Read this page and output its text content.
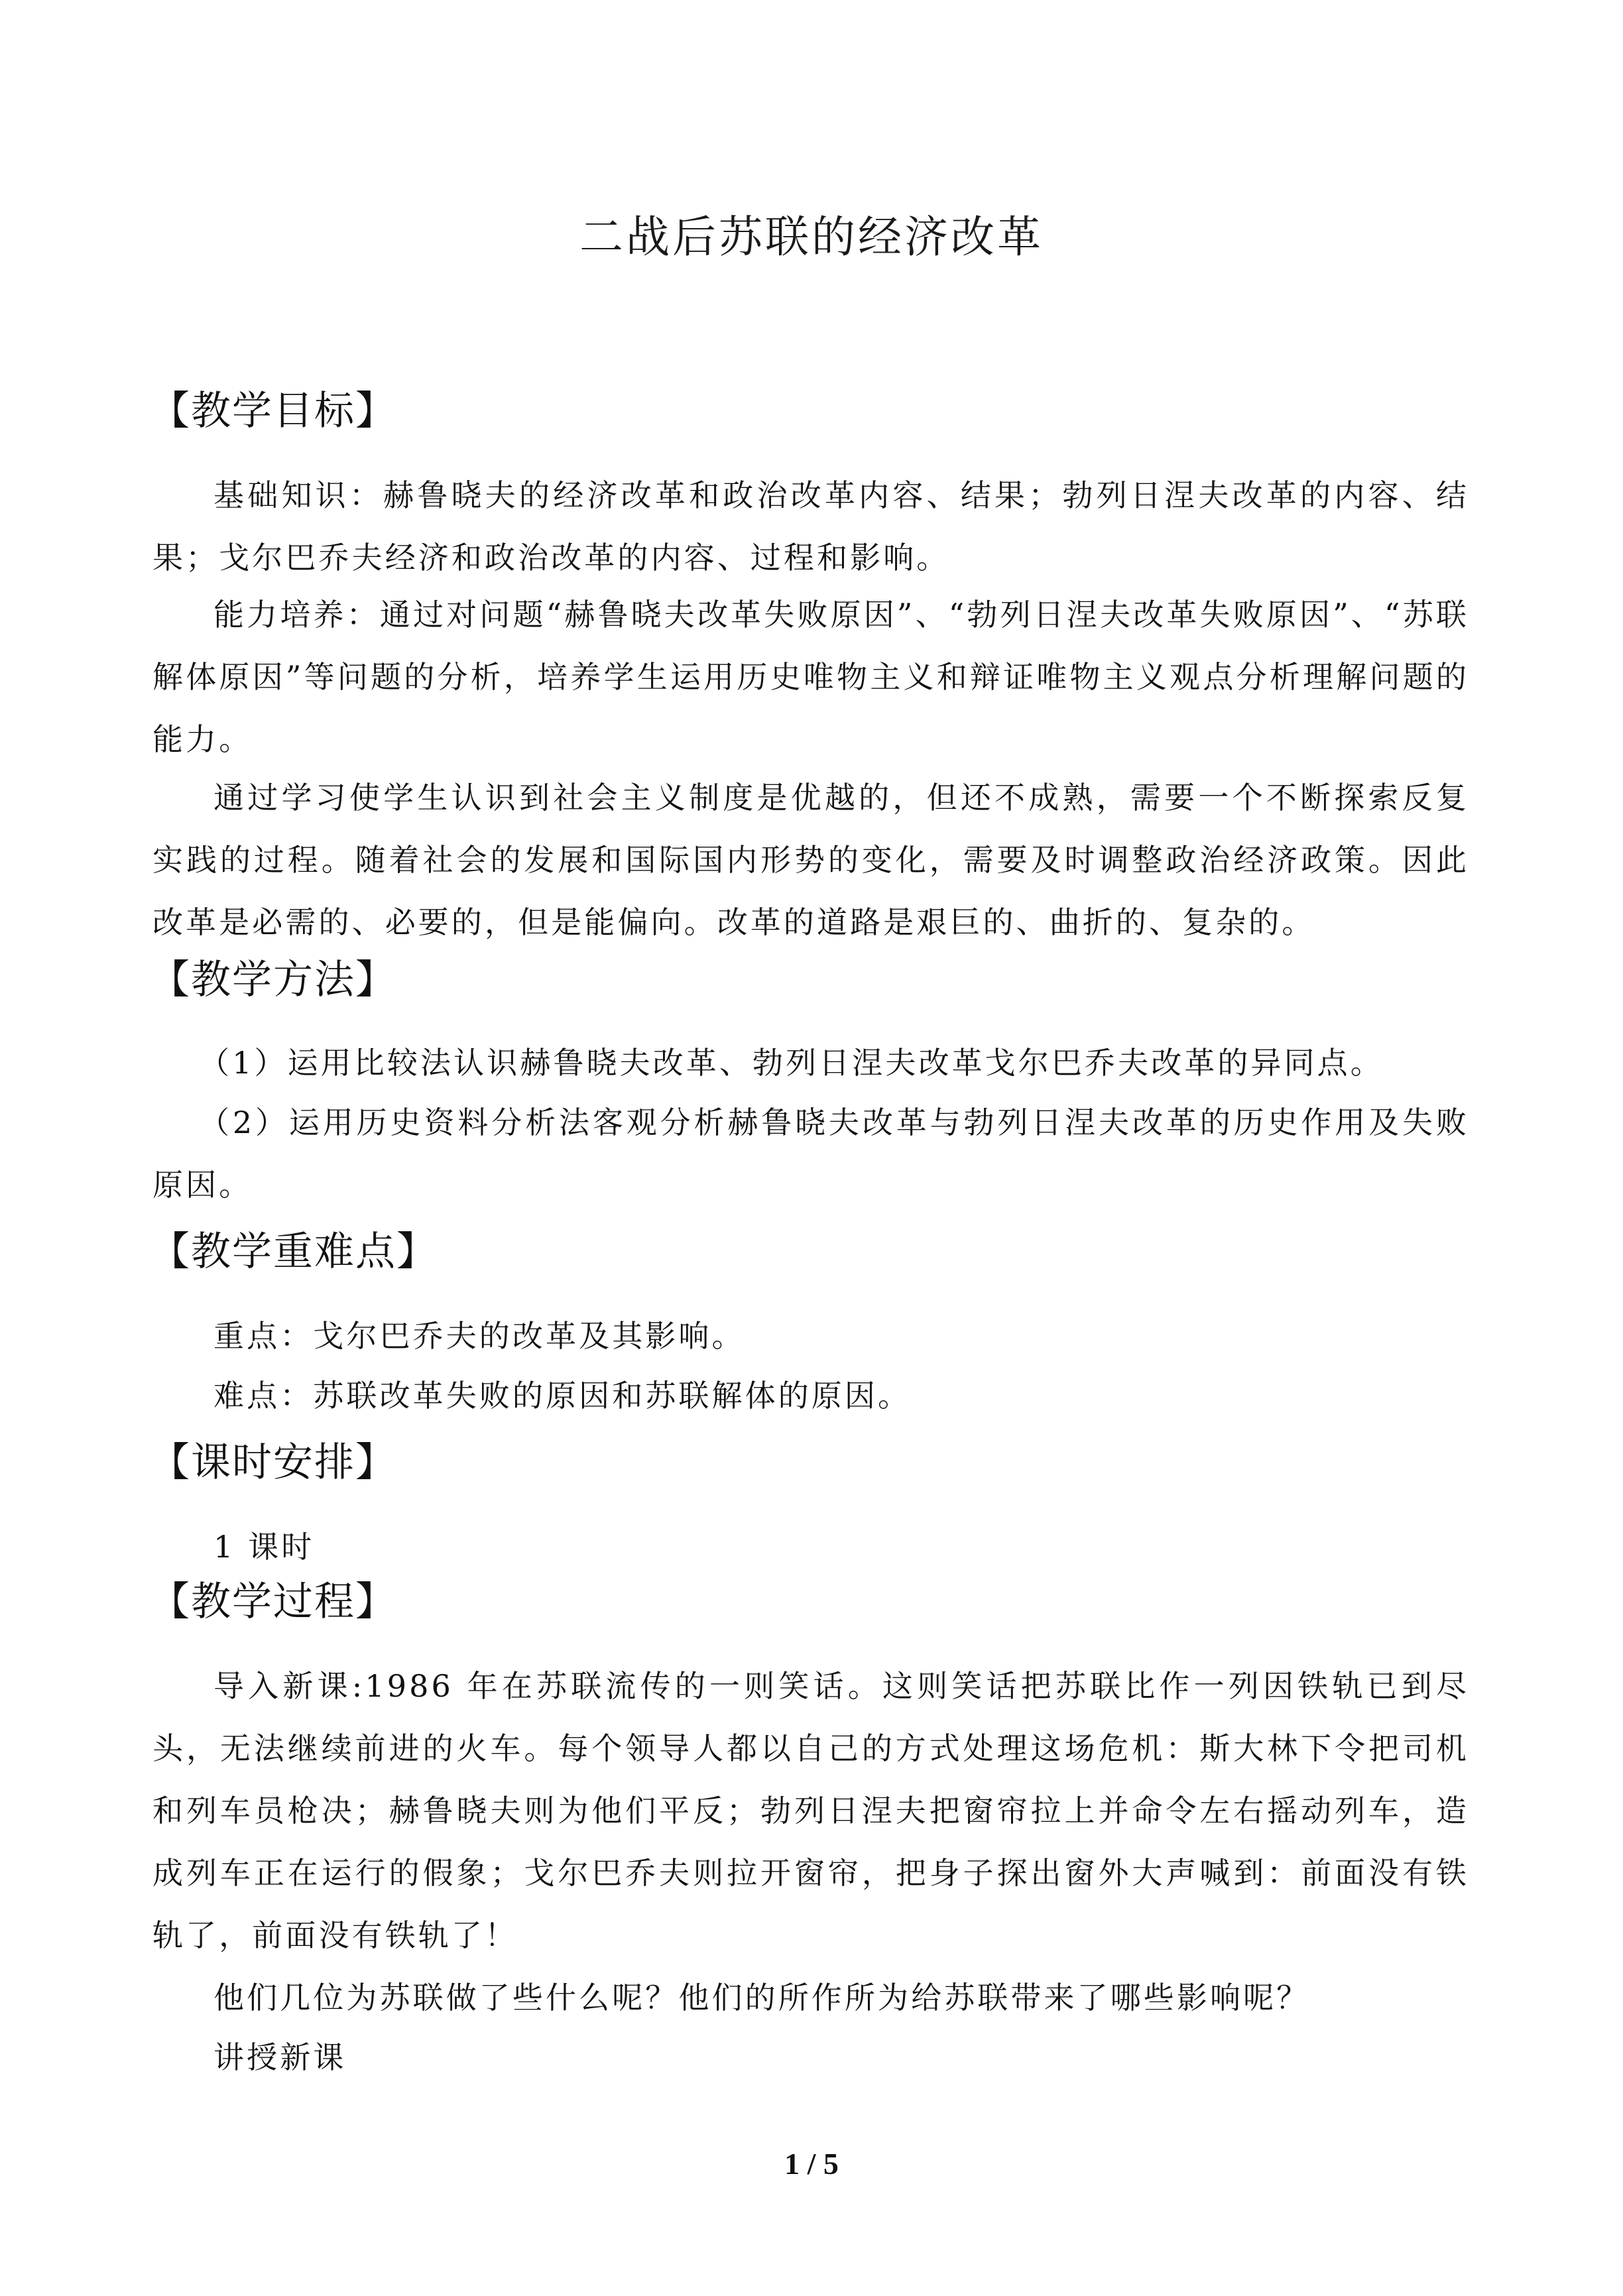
二战后苏联的经济改革
【教学目标】
基础知识：赫鲁晓夫的经济改革和政治改革内容、结果；勃列日涅夫改革的内容、结果；戈尔巴乔夫经济和政治改革的内容、过程和影响。
能力培养：通过对问题“赫鲁晓夫改革失败原因”、“勃列日涅夫改革失败原因”、“苏联解体原因”等问题的分析，培养学生运用历史唯物主义和辩证唯物主义观点分析理解问题的能力。
通过学习使学生认识到社会主义制度是优越的，但还不成熟，需要一个不断探索反复实践的过程。随着社会的发展和国际国内形势的变化，需要及时调整政治经济政策。因此改革是必需的、必要的，但是能偏向。改革的道路是艰巨的、曲折的、复杂的。
【教学方法】
（1）运用比较法认识赫鲁晓夫改革、勃列日涅夫改革戈尔巴乔夫改革的异同点。
（2）运用历史资料分析法客观分析赫鲁晓夫改革与勃列日涅夫改革的历史作用及失败原因。
【教学重难点】
重点：戈尔巴乔夫的改革及其影响。
难点：苏联改革失败的原因和苏联解体的原因。
【课时安排】
1 课时
【教学过程】
导入新课:1986 年在苏联流传的一则笑话。这则笑话把苏联比作一列因铁轨已到尽头，无法继续前进的火车。每个领导人都以自己的方式处理这场危机：斯大林下令把司机和列车员枪决；赫鲁晓夫则为他们平反；勃列日涅夫把窗帘拉上并命令左右摇动列车，造成列车正在运行的假象；戈尔巴乔夫则拉开窗帘，把身子探出窗外大声喊到：前面没有铁轨了，前面没有铁轨了！
他们几位为苏联做了些什么呢？他们的所作所为给苏联带来了哪些影响呢？
讲授新课
1 / 5
